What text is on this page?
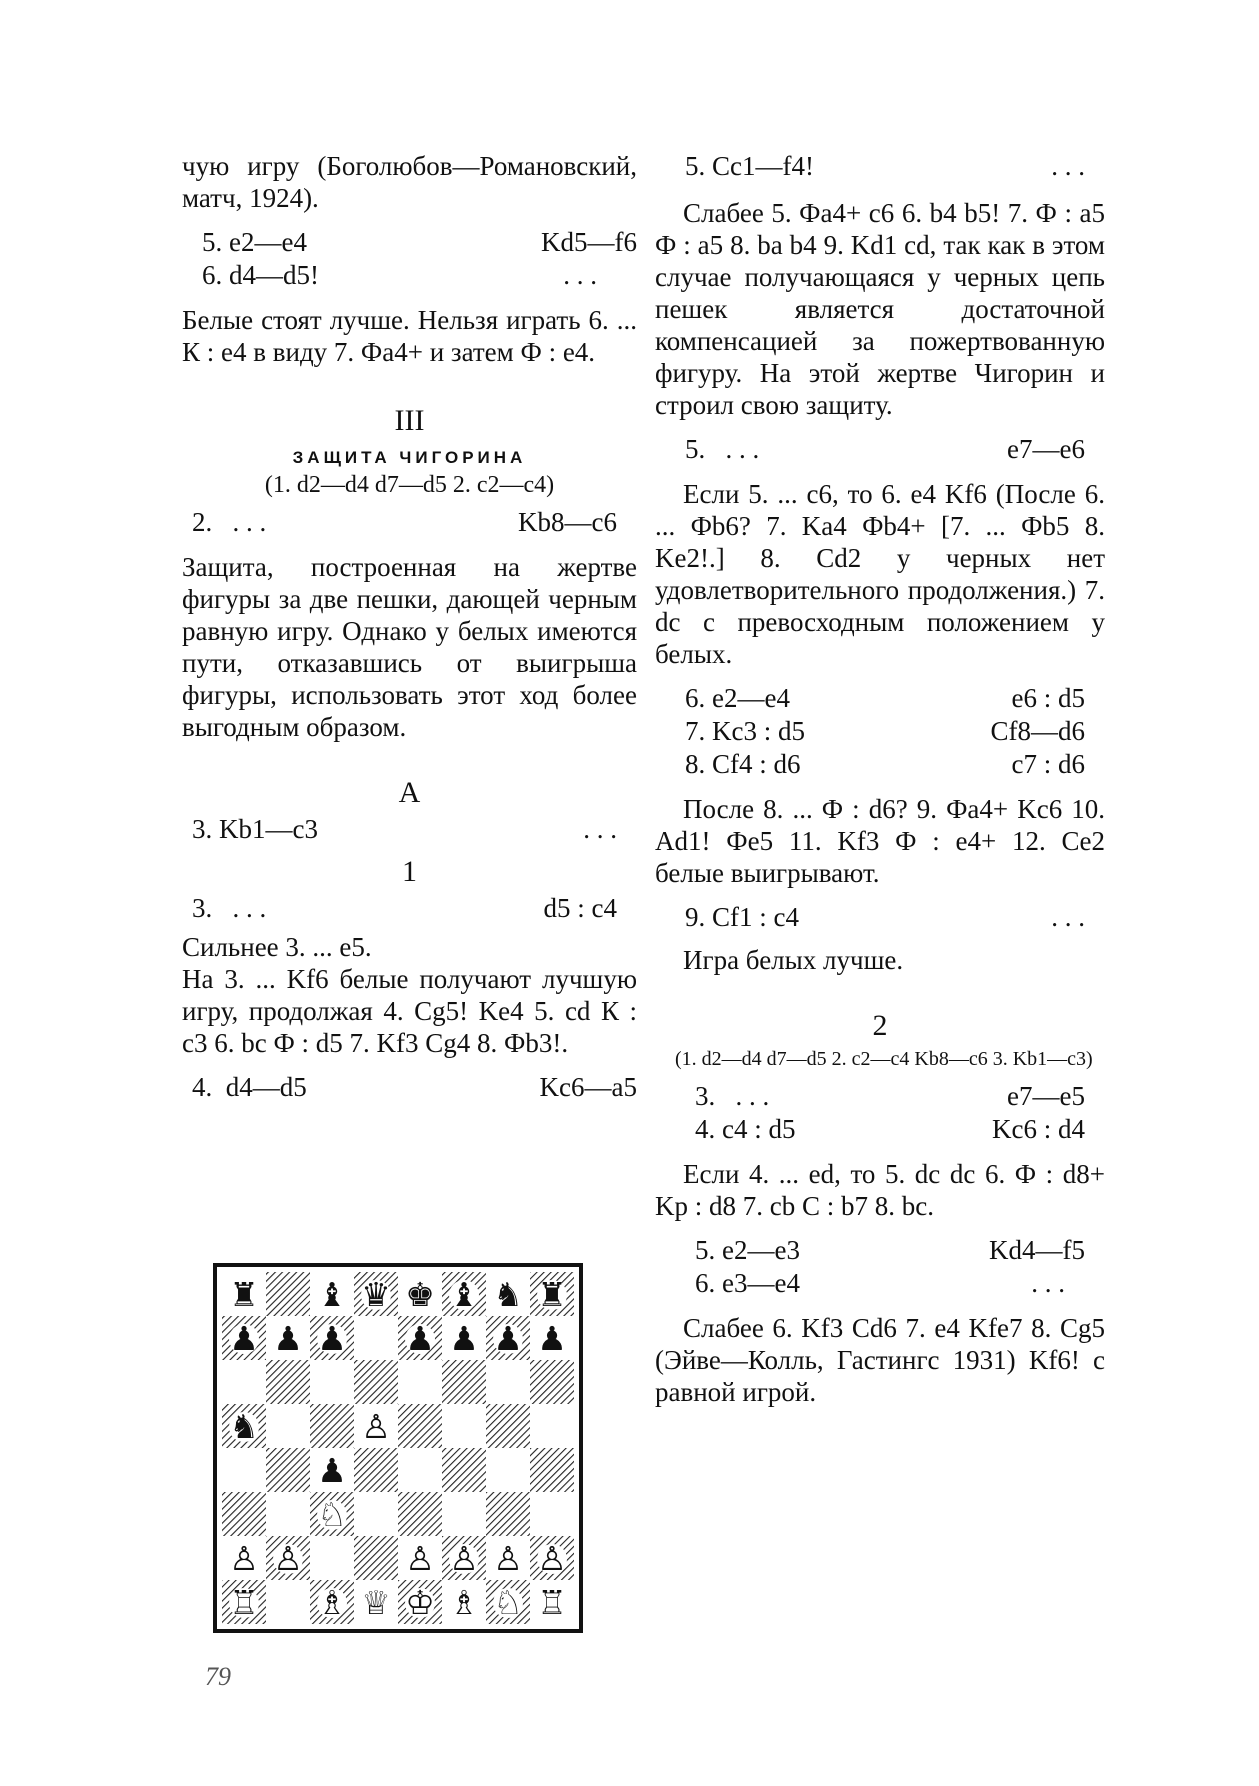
чую игру (Боголюбов—Романовский, матч, 1924).

5. e2—e4	Kd5—f6
6. d4—d5!	. . .

Белые стоят лучше. Нельзя играть 6. ... К : e4 в виду 7. Фa4+ и затем Ф : e4.

III

ЗАЩИТА ЧИГОРИНА

(1. d2—d4 d7—d5 2. c2—c4)

2. . . .	Kb8—c6

Защита, построенная на жертве фигуры за две пешки, дающей черным равную игру. Однако у белых имеются пути, отказавшись от выигрыша фигуры, использовать этот ход более выгодным образом.

А

3. Kb1—c3	. . .

1

3. . . .	d5 : c4

Сильнее 3. ... e5.

На 3. ... Kf6 белые получают лучшую игру, продолжая 4. Cg5! Ke4 5. cd К : c3 6. bc Ф : d5 7. Kf3 Cg4 8. Фb3!.

4. d4—d5	Kc6—a5
♜ ♝ ♛ ♚ ♝ ♞ ♜
♟ ♟ ♟ ♟ ♟ ♟ ♟
♞	♙
♟
♘
♙ ♙	♙ ♙ ♙ ♙
♖ ♗ ♕ ♔ ♗ ♘ ♖
79
5. Cc1—f4!	. . .

Слабее 5. Фa4+ c6 6. b4 b5! 7. Ф : a5 Ф : a5 8. ba b4 9. Kd1 cd, так как в этом случае получающаяся у черных цепь пешек является достаточной компенсацией за пожертвованную фигуру. На этой жертве Чигорин и строил свою защиту.

5. . . .	e7—e6

Если 5. ... c6, то 6. e4 Kf6 (После 6. ... Фb6? 7. Ka4 Фb4+ [7. ... Фb5 8. Ke2!.] 8. Cd2 у черных нет удовлетворительного продолжения.) 7. dc с превосходным положением у белых.

6. e2—e4	e6 : d5
7. Kc3 : d5	Cf8—d6
8. Cf4 : d6	c7 : d6

После 8. ... Ф : d6? 9. Фa4+ Kc6 10. Ad1! Фe5 11. Kf3 Ф : e4+ 12. Ce2 белые выигрывают.

9. Cf1 : c4	. . .

Игра белых лучше.

2

(1. d2—d4 d7—d5 2. c2—c4 Kb8—c6 3. Kb1—c3)

3. . . .	e7—e5
4. c4 : d5	Kc6 : d4

Если 4. ... ed, то 5. dc dc 6. Ф : d8+ Kp : d8 7. cb C : b7 8. bc.

5. e2—e3	Kd4—f5
6. e3—e4	. . .

Слабее 6. Kf3 Cd6 7. e4 Kfe7 8. Cg5 (Эйве—Колль, Гастингс 1931) Kf6! с равной игрой.
